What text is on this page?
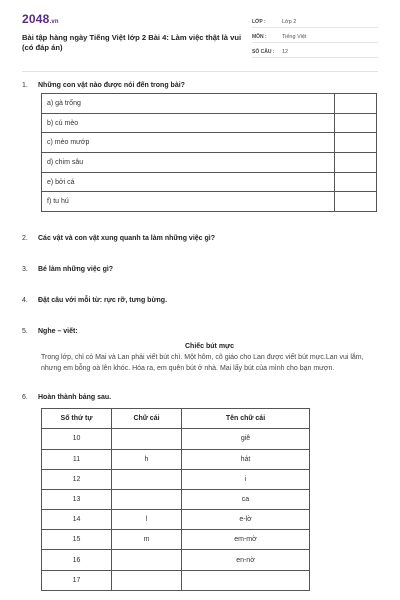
2048.vn
Bài tập hàng ngày Tiếng Việt lớp 2 Bài 4: Làm việc thật là vui (có đáp án)
LỚP :	Lớp 2
MÔN :	Tiếng Việt
SỐ CÂU :	12
1.	Những con vật nào được nói đến trong bài?
a) gà trống	
b) cú mèo	
c) mèo mướp	
d) chim sâu	
e) bởi cá	
f) tu hú	
2.	Các vật và con vật xung quanh ta làm những việc gì?
3.	Bé làm những việc gì?
4.	Đặt câu với mỗi từ: rực rỡ, tưng bừng.
5.	Nghe – viết:
Chiếc bút mực
Trong lớp, chỉ có Mai và Lan phải viết bút chì. Một hôm, cô giáo cho Lan được viết bút mực.Lan vui lắm, nhưng em bỗng oà lên khóc. Hóa ra, em quên bút ở nhà. Mai lấy bút của mình cho bạn mượn.
6.	Hoàn thành bảng sau.
Số thứ tự	Chữ cái	Tên chữ cái
10		giê
11	h	hát
12		i
13		ca
14	l	e-lờ
15	m	em-mờ
16		en-nờ
17		
